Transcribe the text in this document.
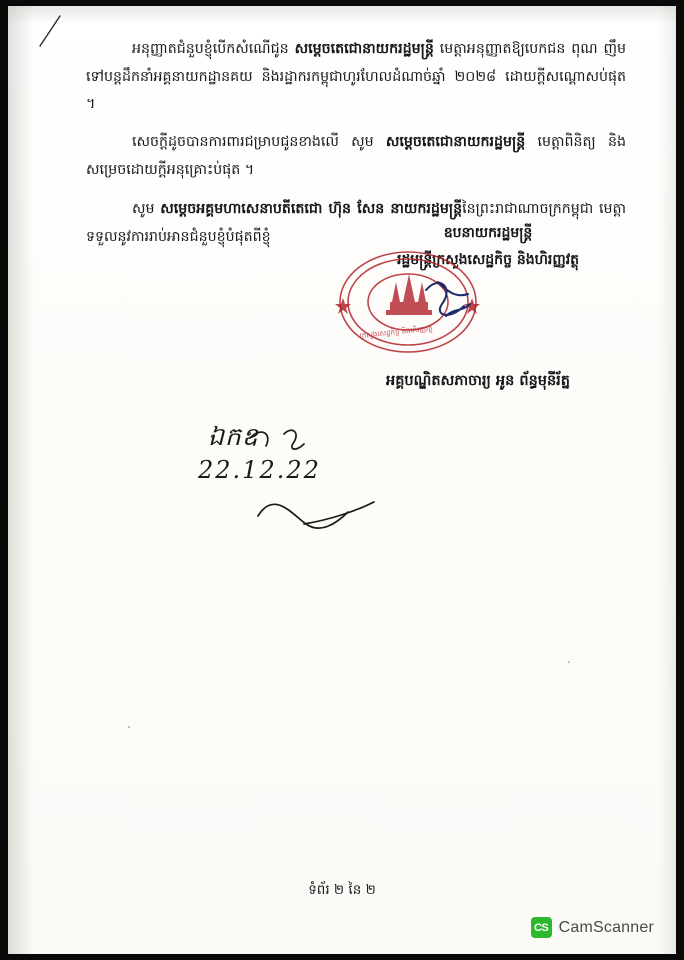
អនុញ្ញាតជំនួបខ្ញុំបើកសំណើជូន សម្តេចតេជោនាយករដ្ឋមន្ត្រី មេត្តាអនុញ្ញាតឱ្យបេកជន ពុណ ញឹម ទៅបន្តដឹកនាំអគ្គនាយកដ្ឋានគយ និងរដ្ឋាករកម្ពុជាហូរហែលដំណាច់ឆ្នាំ ២០២៨ ដោយក្តីសណ្តោសប់ផុត ។

សេចក្តីដូចបានការពារជម្រាបជូនខាងលើ សូម សម្តេចតេជោនាយករដ្ឋមន្ត្រី មេត្តាពិនិត្យ និងសម្រេចដោយក្តីអនុគ្រោះប់ផុត ។

សូម សម្តេចអគ្គមហាសេនាបតីតេជោ ហ៊ុន សែន នាយករដ្ឋមន្ត្រីនៃព្រះរាជាណាចក្រកម្ពុជា មេត្តាទទួលនូវការរាប់អានជំនួបខ្ញុំបំផុតពីខ្ញុំ	ឧបនាយករដ្ឋមន្ត្រី
រដ្ឋមន្ត្រីក្រសួងសេដ្ឋកិច្ច និងហិរញ្ញវត្ថុ
ក្រសួងសេដ្ឋកិច្ច និងហិរញ្ញវត្ថុ
អគ្គបណ្ឌិតសភាចារ្យ អូន ព័ន្ធមុនីរ័ត្ន
ឯកឧ
22.12.22
ទំព័រ ២ នៃ ២
CS CamScanner
